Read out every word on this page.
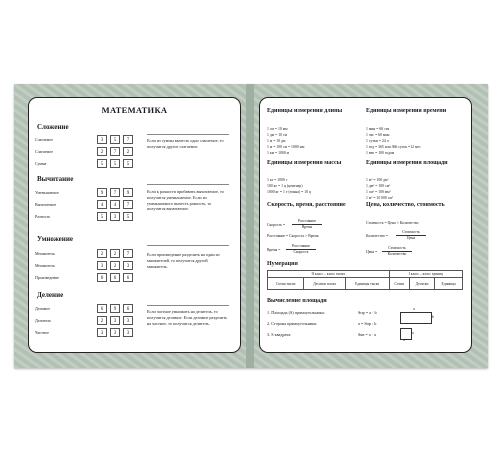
МАТЕМАТИКА
Сложение
Слагаемое	3	5	7
Слагаемое	2	7	2
Сумма	5	5	5
Если из суммы вычесть одно слагаемое, то получится другое слагаемое.
Вычитание
Уменьшаемое	9	7	9
Вычитаемое	4	4	7
Разность	5	3	5
Если к разности прибавить вычитаемое, то получится уменьшаемое. Если из уменьшаемого вычесть разность, то получится вычитаемое.
Умножение
Множитель	2	2	7
Множитель	3	2	3
Произведение	6	6	6
Если произведение разделить на один из множителей, то получится другой множитель.
Деление
Делимое	6	9	6
Делитель	2	3	3
Частное	3	3	3
Если частное умножить на делитель, то получится делимое. Если делимое разделить на частное, то получится делитель.
Единицы измерения длины
1 см = 10 мм
1 дм = 10 см
1 м = 10 дм
1 м = 100 см = 1000 мм
1 км = 1000 м
Единицы измерения времени
1 мин = 60 сек
1 час = 60 мин
1 сутки = 24 ч
1 год = 365 или 366 суток =12 мес
1 век = 100 годам
Единицы измерения массы
1 кг = 1000 г
100 кг = 1 ц (центнер)
1000 кг = 1 т (тонна) = 10 ц
Единицы измерения площади
1 м² = 100 дм²
1 дм² = 100 см²
1 см² = 100 мм²
1 м² = 10 000 см²
Скорость, время, расстояние
Скорость =
Расстояние
Время
Расстояние = Скорость × Время
Время =
Расстояние
Скорость
Цена, количество, стоимость
Стоимость = Цена × Количество
Количество =
Стоимость
Цена
Цена =
Стоимость
Количество
Нумерация
II класс – класс тысяч			I класс – класс единиц		
Сотни тысяч	Десятки тысяч	Единицы тысяч	Сотни	Десятки	Единицы
Вычисление площади
1. Площадь (S) прямоугольника:	Sпр = a · b
2. Сторона прямоугольника:	a = Sпр : b
3. S квадрата:	Sкв = a · a
a
b
a
a
